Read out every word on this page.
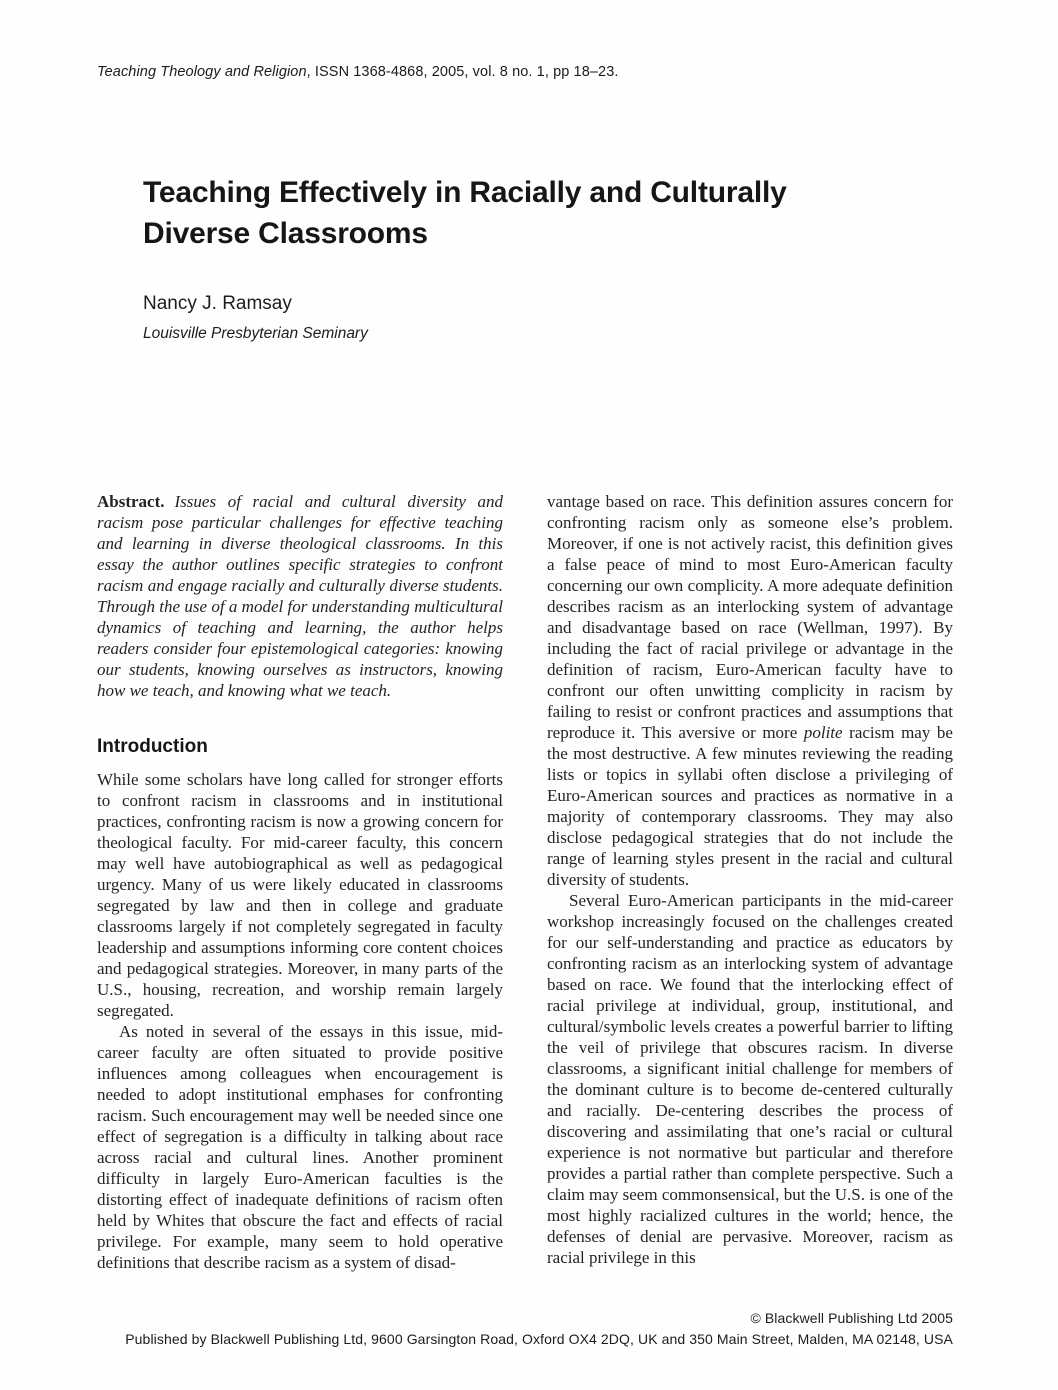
Teaching Theology and Religion, ISSN 1368-4868, 2005, vol. 8 no. 1, pp 18–23.
Teaching Effectively in Racially and Culturally Diverse Classrooms
Nancy J. Ramsay
Louisville Presbyterian Seminary

Abstract. Issues of racial and cultural diversity and racism pose particular challenges for effective teaching and learning in diverse theological classrooms. In this essay the author outlines specific strategies to confront racism and engage racially and culturally diverse students. Through the use of a model for understanding multicultural dynamics of teaching and learning, the author helps readers consider four epistemological categories: knowing our students, knowing ourselves as instructors, knowing how we teach, and knowing what we teach.

Introduction

While some scholars have long called for stronger efforts to confront racism in classrooms and in institutional practices, confronting racism is now a growing concern for theological faculty. For mid-career faculty, this concern may well have autobiographical as well as pedagogical urgency. Many of us were likely educated in classrooms segregated by law and then in college and graduate classrooms largely if not completely segregated in faculty leadership and assumptions informing core content choices and pedagogical strategies. Moreover, in many parts of the U.S., housing, recreation, and worship remain largely segregated.

As noted in several of the essays in this issue, mid-career faculty are often situated to provide positive influences among colleagues when encouragement is needed to adopt institutional emphases for confronting racism. Such encouragement may well be needed since one effect of segregation is a difficulty in talking about race across racial and cultural lines. Another prominent difficulty in largely Euro-American faculties is the distorting effect of inadequate definitions of racism often held by Whites that obscure the fact and effects of racial privilege. For example, many seem to hold operative definitions that describe racism as a system of disad-

vantage based on race. This definition assures concern for confronting racism only as someone else’s problem. Moreover, if one is not actively racist, this definition gives a false peace of mind to most Euro-American faculty concerning our own complicity. A more adequate definition describes racism as an interlocking system of advantage and disadvantage based on race (Wellman, 1997). By including the fact of racial privilege or advantage in the definition of racism, Euro-American faculty have to confront our often unwitting complicity in racism by failing to resist or confront practices and assumptions that reproduce it. This aversive or more polite racism may be the most destructive. A few minutes reviewing the reading lists or topics in syllabi often disclose a privileging of Euro-American sources and practices as normative in a majority of contemporary classrooms. They may also disclose pedagogical strategies that do not include the range of learning styles present in the racial and cultural diversity of students.

Several Euro-American participants in the mid-career workshop increasingly focused on the challenges created for our self-understanding and practice as educators by confronting racism as an interlocking system of advantage based on race. We found that the interlocking effect of racial privilege at individual, group, institutional, and cultural/symbolic levels creates a powerful barrier to lifting the veil of privilege that obscures racism. In diverse classrooms, a significant initial challenge for members of the dominant culture is to become de-centered culturally and racially. De-centering describes the process of discovering and assimilating that one’s racial or cultural experience is not normative but particular and therefore provides a partial rather than complete perspective. Such a claim may seem commonsensical, but the U.S. is one of the most highly racialized cultures in the world; hence, the defenses of denial are pervasive. Moreover, racism as racial privilege in this

© Blackwell Publishing Ltd 2005
Published by Blackwell Publishing Ltd, 9600 Garsington Road, Oxford OX4 2DQ, UK and 350 Main Street, Malden, MA 02148, USA
